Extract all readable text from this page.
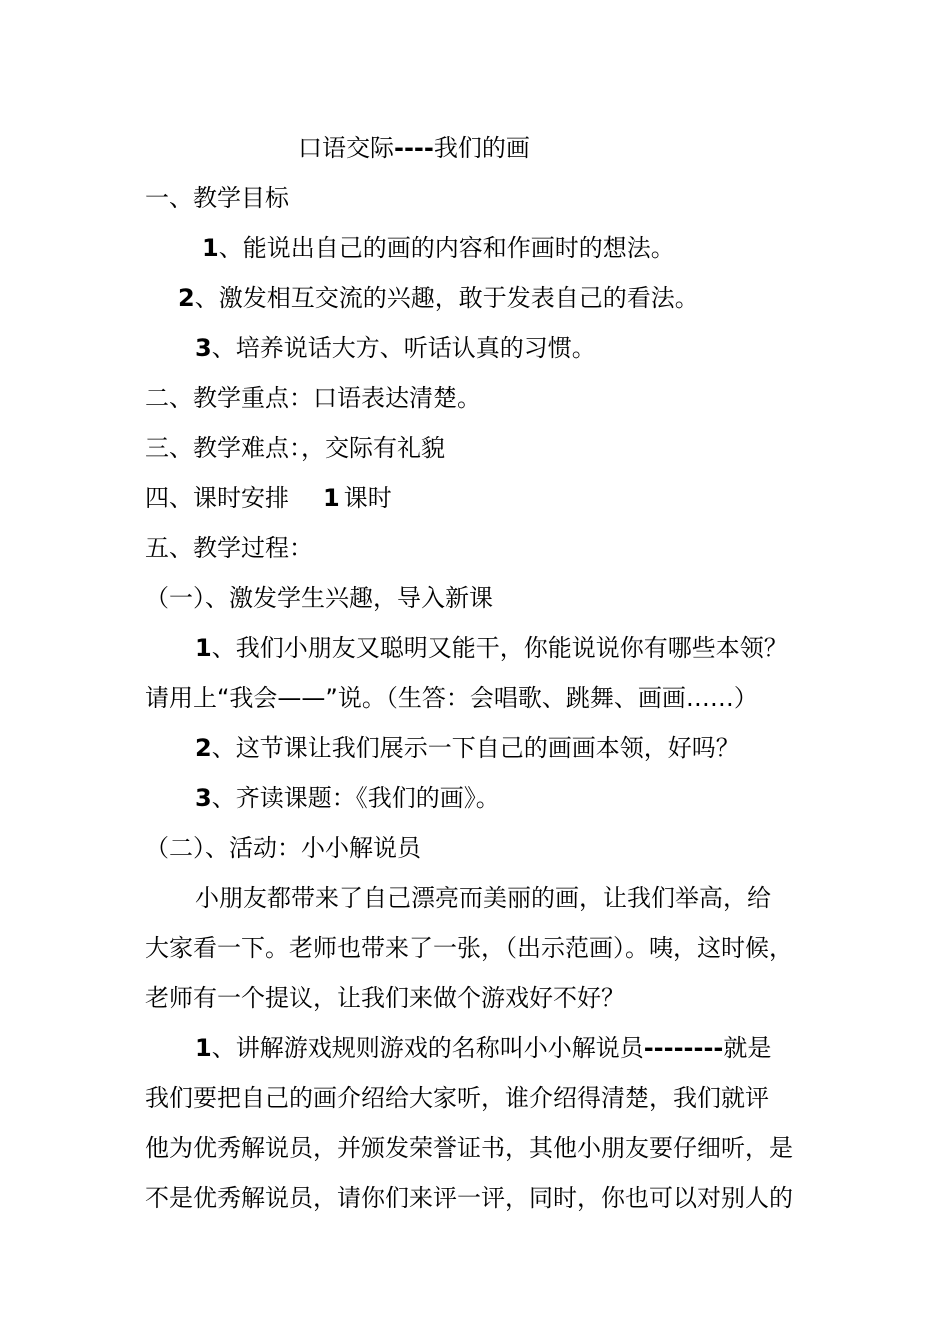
口语交际----我们的画
一、教学目标
1、能说出自己的画的内容和作画时的想法。
2、激发相互交流的兴趣，敢于发表自己的看法。
3、培养说话大方、听话认真的习惯。
二、教学重点：口语表达清楚。
三、教学难点：，交际有礼貌
四、课时安排 1 课时
五、教学过程：
（一）、激发学生兴趣，导入新课
1、我们小朋友又聪明又能干，你能说说你有哪些本领？
请用上“我会——”说。（生答：会唱歌、跳舞、画画……）
2、这节课让我们展示一下自己的画画本领，好吗？
3、齐读课题：《我们的画》。
（二）、活动：小小解说员
小朋友都带来了自己漂亮而美丽的画，让我们举高，给
大家看一下。老师也带来了一张，（出示范画）。咦，这时候，
老师有一个提议，让我们来做个游戏好不好？
1、讲解游戏规则游戏的名称叫小小解说员--------就是
我们要把自己的画介绍给大家听，谁介绍得清楚，我们就评
他为优秀解说员，并颁发荣誉证书，其他小朋友要仔细听，是
不是优秀解说员，请你们来评一评，同时，你也可以对别人的
